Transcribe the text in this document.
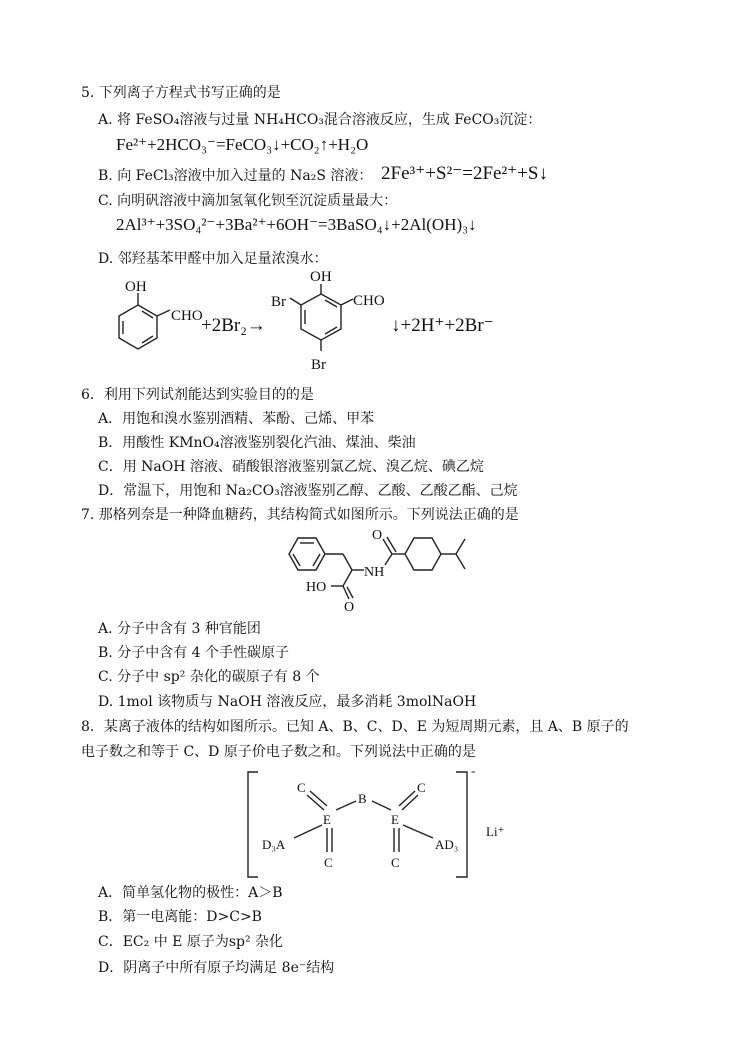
5. 下列离子方程式书写正确的是
A. 将 FeSO₄溶液与过量 NH₄HCO₃混合溶液反应，生成 FeCO₃沉淀：
Fe²⁺+2HCO₃⁻=FeCO₃↓+CO₂↑+H₂O
B. 向 FeCl₃溶液中加入过量的 Na₂S 溶液： 2Fe³⁺+S²⁻=2Fe²⁺+S↓
C. 向明矾溶液中滴加氢氧化钡至沉淀质量最大：
2Al³⁺+3SO₄²⁻+3Ba²⁺+6OH⁻=3BaSO₄↓+2Al(OH)₃↓
D. 邻羟基苯甲醛中加入足量浓溴水：
OH
CHO
+2Br₂→
OH
Br	CHO
Br
↓+2H⁺+2Br⁻
6．利用下列试剂能达到实验目的的是
A．用饱和溴水鉴别酒精、苯酚、己烯、甲苯
B．用酸性 KMnO₄溶液鉴别裂化汽油、煤油、柴油
C．用 NaOH 溶液、硝酸银溶液鉴别氯乙烷、溴乙烷、碘乙烷
D．常温下，用饱和 Na₂CO₃溶液鉴别乙醇、乙酸、乙酸乙酯、己烷
7. 那格列奈是一种降血糖药，其结构简式如图所示。下列说法正确的是
O
NH
HO
O
A. 分子中含有 3 种官能团
B. 分子中含有 4 个手性碳原子
C. 分子中 sp² 杂化的碳原子有 8 个
D. 1mol 该物质与 NaOH 溶液反应，最多消耗 3molNaOH
8．某离子液体的结构如图所示。已知 A、B、C、D、E 为短周期元素，且 A、B 原子的
电子数之和等于 C、D 原子价电子数之和。下列说法中正确的是
C
B
C
E	E
D₃A	AD₃
C	C
-
Li⁺
A．简单氢化物的极性：A＞B
B．第一电离能：D>C>B
C．EC₂ 中 E 原子为sp² 杂化
D．阴离子中所有原子均满足 8e⁻结构
